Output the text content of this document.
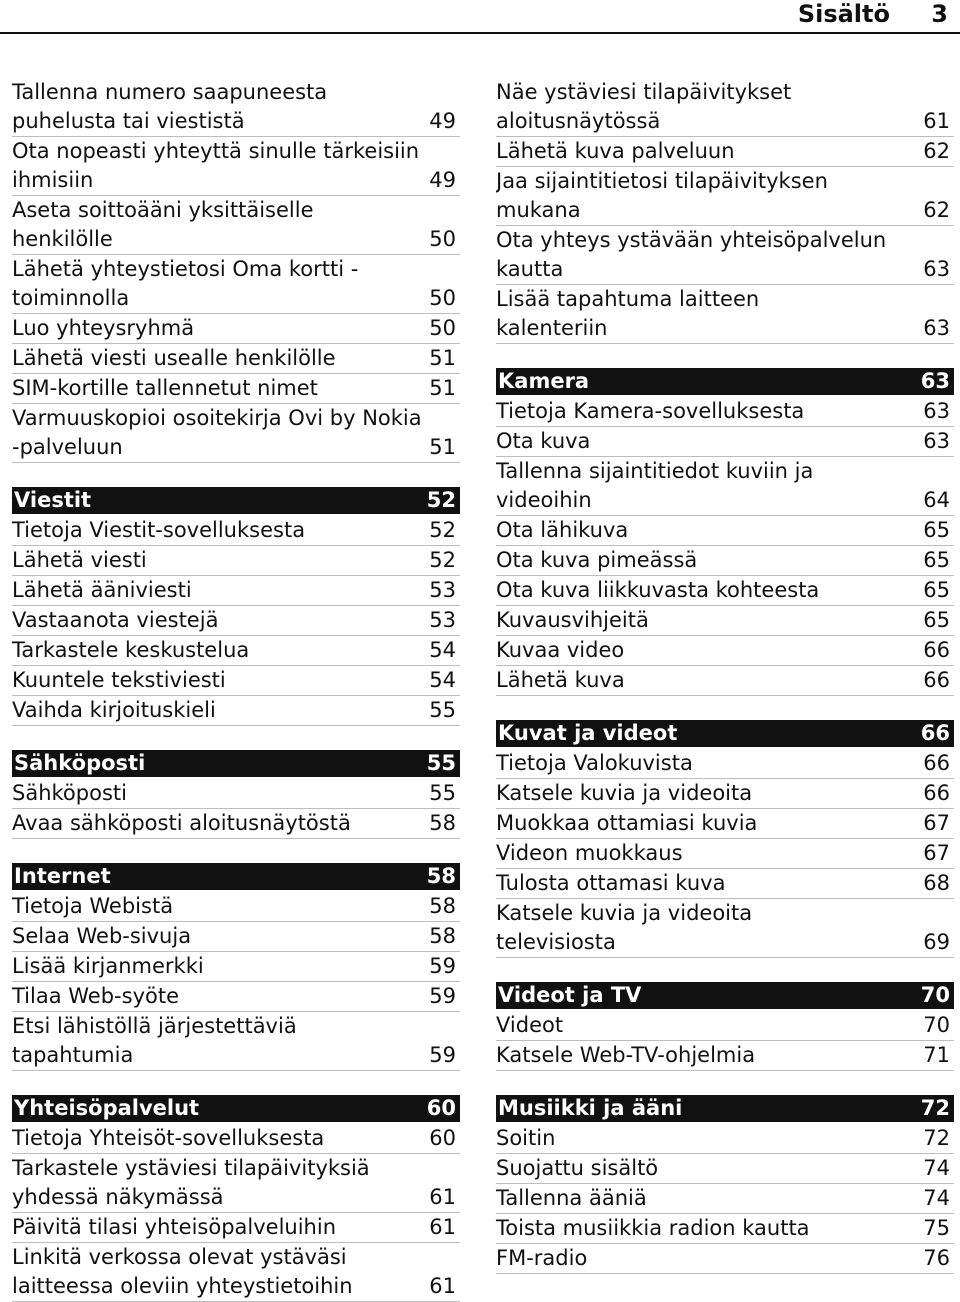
Sisältö 3
Tallenna numero saapuneesta
puhelusta tai viestistä	49
Ota nopeasti yhteyttä sinulle tärkeisiin
ihmisiin	49
Aseta soittoääni yksittäiselle
henkilölle	50
Lähetä yhteystietosi Oma kortti -
toiminnolla	50
Luo yhteysryhmä	50
Lähetä viesti usealle henkilölle	51
SIM-kortille tallennetut nimet	51
Varmuuskopioi osoitekirja Ovi by Nokia
-palveluun	51
Viestit	52
Tietoja Viestit-sovelluksesta	52
Lähetä viesti	52
Lähetä ääniviesti	53
Vastaanota viestejä	53
Tarkastele keskustelua	54
Kuuntele tekstiviesti	54
Vaihda kirjoituskieli	55
Sähköposti	55
Sähköposti	55
Avaa sähköposti aloitusnäytöstä	58
Internet	58
Tietoja Webistä	58
Selaa Web-sivuja	58
Lisää kirjanmerkki	59
Tilaa Web-syöte	59
Etsi lähistöllä järjestettäviä
tapahtumia	59
Yhteisöpalvelut	60
Tietoja Yhteisöt-sovelluksesta	60
Tarkastele ystäviesi tilapäivityksiä
yhdessä näkymässä	61
Päivitä tilasi yhteisöpalveluihin	61
Linkitä verkossa olevat ystäväsi
laitteessa oleviin yhteystietoihin	61
Näe ystäviesi tilapäivitykset
aloitusnäytössä	61
Lähetä kuva palveluun	62
Jaa sijaintitietosi tilapäivityksen
mukana	62
Ota yhteys ystävään yhteisöpalvelun
kautta	63
Lisää tapahtuma laitteen
kalenteriin	63
Kamera	63
Tietoja Kamera-sovelluksesta	63
Ota kuva	63
Tallenna sijaintitiedot kuviin ja
videoihin	64
Ota lähikuva	65
Ota kuva pimeässä	65
Ota kuva liikkuvasta kohteesta	65
Kuvausvihjeitä	65
Kuvaa video	66
Lähetä kuva	66
Kuvat ja videot	66
Tietoja Valokuvista	66
Katsele kuvia ja videoita	66
Muokkaa ottamiasi kuvia	67
Videon muokkaus	67
Tulosta ottamasi kuva	68
Katsele kuvia ja videoita
televisiosta	69
Videot ja TV	70
Videot	70
Katsele Web-TV-ohjelmia	71
Musiikki ja ääni	72
Soitin	72
Suojattu sisältö	74
Tallenna ääniä	74
Toista musiikkia radion kautta	75
FM-radio	76
